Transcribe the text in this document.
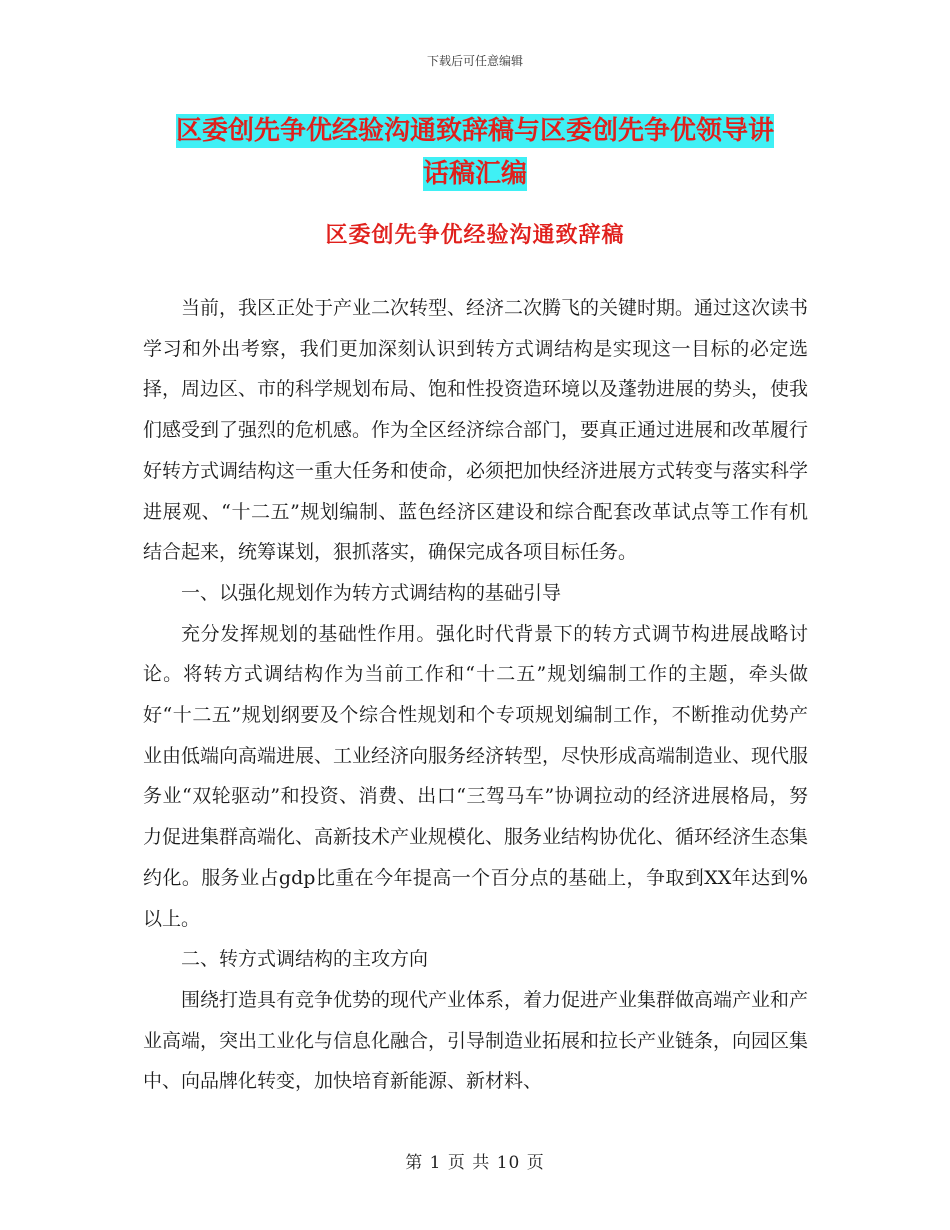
下载后可任意编辑
区委创先争优经验沟通致辞稿与区委创先争优领导讲
话稿汇编
区委创先争优经验沟通致辞稿

当前，我区正处于产业二次转型、经济二次腾飞的关键时期。通过这次读书学习和外出考察，我们更加深刻认识到转方式调结构是实现这一目标的必定选择，周边区、市的科学规划布局、饱和性投资造环境以及蓬勃进展的势头，使我们感受到了强烈的危机感。作为全区经济综合部门，要真正通过进展和改革履行好转方式调结构这一重大任务和使命，必须把加快经济进展方式转变与落实科学进展观、“十二五”规划编制、蓝色经济区建设和综合配套改革试点等工作有机结合起来，统筹谋划，狠抓落实，确保完成各项目标任务。

一、以强化规划作为转方式调结构的基础引导

充分发挥规划的基础性作用。强化时代背景下的转方式调节构进展战略讨论。将转方式调结构作为当前工作和“十二五”规划编制工作的主题，牵头做好“十二五”规划纲要及个综合性规划和个专项规划编制工作，不断推动优势产业由低端向高端进展、工业经济向服务经济转型，尽快形成高端制造业、现代服务业“双轮驱动”和投资、消费、出口“三驾马车”协调拉动的经济进展格局，努力促进集群高端化、高新技术产业规模化、服务业结构协优化、循环经济生态集约化。服务业占gdp比重在今年提高一个百分点的基础上，争取到XX年达到%以上。

二、转方式调结构的主攻方向

围绕打造具有竞争优势的现代产业体系，着力促进产业集群做高端产业和产业高端，突出工业化与信息化融合，引导制造业拓展和拉长产业链条，向园区集中、向品牌化转变，加快培育新能源、新材料、

第 1 页 共 10 页
